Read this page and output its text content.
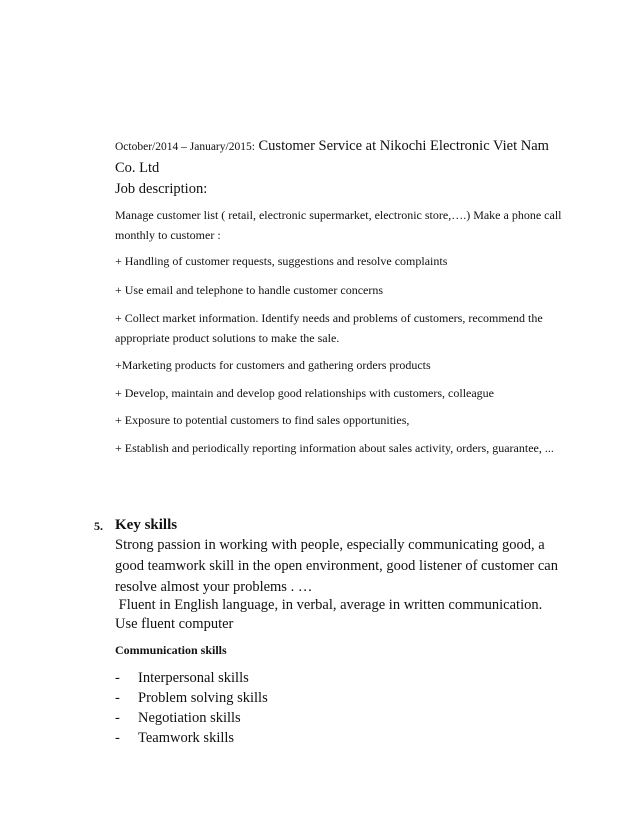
October/2014 – January/2015: Customer Service at Nikochi Electronic Viet Nam Co. Ltd

Job description:

Manage customer list ( retail, electronic supermarket, electronic store,….) Make a phone call monthly to customer :

+ Handling of customer requests, suggestions and resolve complaints

+ Use email and telephone to handle customer concerns

+ Collect market information. Identify needs and problems of customers, recommend the appropriate product solutions to make the sale.

+Marketing products for customers and gathering orders products

+ Develop, maintain and develop good relationships with customers, colleague

+ Exposure to potential customers to find sales opportunities,

+ Establish and periodically reporting information about sales activity, orders, guarantee, ...

5. Key skills

Strong passion in working with people, especially communicating good, a good teamwork skill in the open environment, good listener of customer can resolve almost your problems . …

Fluent in English language, in verbal, average in written communication.

Use fluent computer

Communication skills

-	Interpersonal skills
-	Problem solving skills
-	Negotiation skills
-	Teamwork skills
